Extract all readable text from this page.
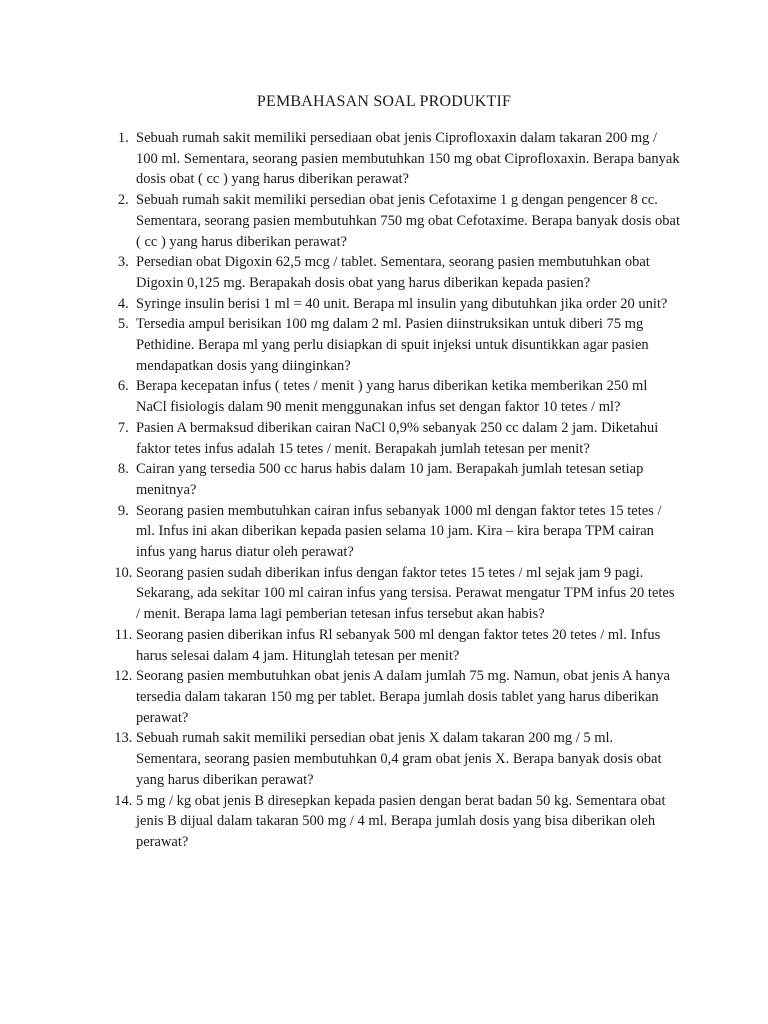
PEMBAHASAN SOAL PRODUKTIF
1. Sebuah rumah sakit memiliki persediaan obat jenis Ciprofloxaxin dalam takaran 200 mg / 100 ml. Sementara, seorang pasien membutuhkan 150 mg obat Ciprofloxaxin. Berapa banyak dosis obat ( cc ) yang harus diberikan perawat?
2. Sebuah rumah sakit memiliki persedian obat jenis Cefotaxime 1 g dengan pengencer 8 cc. Sementara, seorang pasien membutuhkan 750 mg obat Cefotaxime. Berapa banyak dosis obat ( cc ) yang harus diberikan perawat?
3. Persedian obat Digoxin 62,5 mcg / tablet. Sementara, seorang pasien membutuhkan obat Digoxin 0,125 mg. Berapakah dosis obat yang harus diberikan kepada pasien?
4. Syringe insulin berisi 1 ml = 40 unit. Berapa ml insulin yang dibutuhkan jika order 20 unit?
5. Tersedia ampul berisikan 100 mg dalam 2 ml. Pasien diinstruksikan untuk diberi 75 mg Pethidine. Berapa ml yang perlu disiapkan di spuit injeksi untuk disuntikkan agar pasien mendapatkan dosis yang diinginkan?
6. Berapa kecepatan infus ( tetes / menit ) yang harus diberikan ketika memberikan 250 ml NaCl fisiologis dalam 90 menit menggunakan infus set dengan faktor 10 tetes / ml?
7. Pasien A bermaksud diberikan cairan NaCl 0,9% sebanyak 250 cc dalam 2 jam. Diketahui faktor tetes infus adalah 15 tetes / menit. Berapakah jumlah tetesan per menit?
8. Cairan yang tersedia 500 cc harus habis dalam 10 jam. Berapakah jumlah tetesan setiap menitnya?
9. Seorang pasien membutuhkan cairan infus sebanyak 1000 ml dengan faktor tetes 15 tetes / ml. Infus ini akan diberikan kepada pasien selama 10 jam. Kira – kira berapa TPM cairan infus yang harus diatur oleh perawat?
10. Seorang pasien sudah diberikan infus dengan faktor tetes 15 tetes / ml sejak jam 9 pagi. Sekarang, ada sekitar 100 ml cairan infus yang tersisa. Perawat mengatur TPM infus 20 tetes / menit. Berapa lama lagi pemberian tetesan infus tersebut akan habis?
11. Seorang pasien diberikan infus Rl sebanyak 500 ml dengan faktor tetes 20 tetes / ml. Infus harus selesai dalam 4 jam. Hitunglah tetesan per menit?
12. Seorang pasien membutuhkan obat jenis A dalam jumlah 75 mg. Namun, obat jenis A hanya tersedia dalam takaran 150 mg per tablet. Berapa jumlah dosis tablet yang harus diberikan perawat?
13. Sebuah rumah sakit memiliki persedian obat jenis X dalam takaran 200 mg / 5 ml. Sementara, seorang pasien membutuhkan 0,4 gram obat jenis X. Berapa banyak dosis obat yang harus diberikan perawat?
14. 5 mg / kg obat jenis B diresepkan kepada pasien dengan berat badan 50 kg. Sementara obat jenis B dijual dalam takaran 500 mg / 4 ml. Berapa jumlah dosis yang bisa diberikan oleh perawat?
